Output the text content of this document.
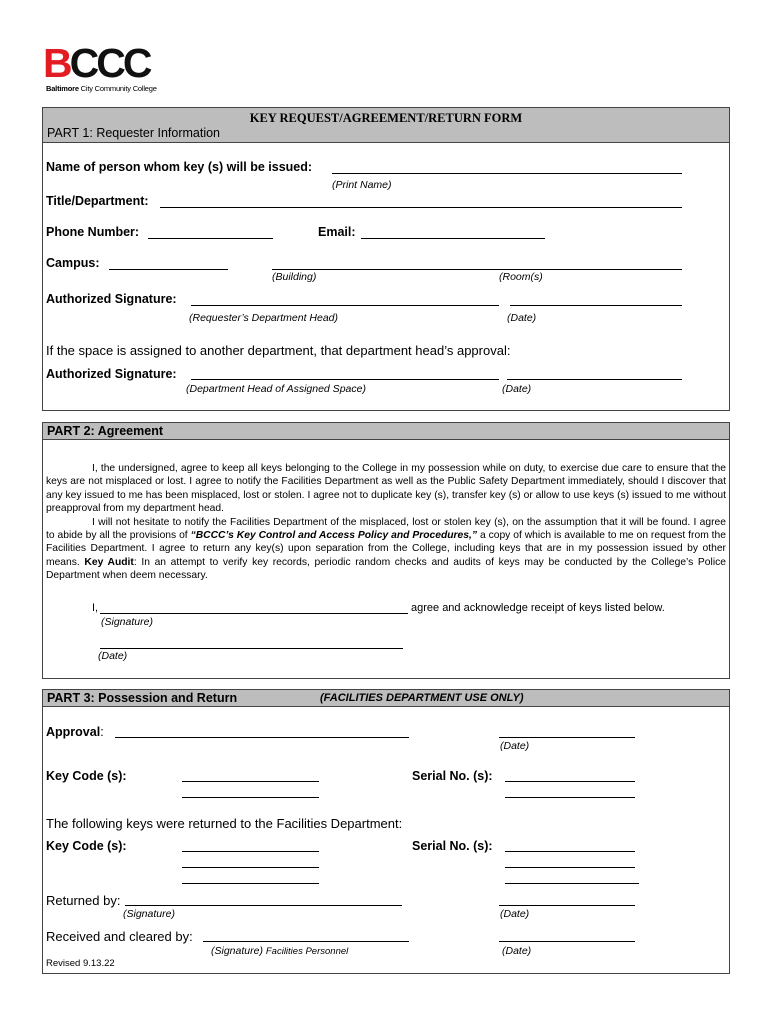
BCCC
Baltimore City Community College
KEY REQUEST/AGREEMENT/RETURN FORM
PART 1: Requester Information
Name of person whom key (s) will be issued:
(Print Name)
Title/Department:
Phone Number:	Email:
Campus:
(Building)	(Room(s)
Authorized Signature:
(Requester’s Department Head)	(Date)
If the space is assigned to another department, that department head’s approval:
Authorized Signature:
(Department Head of Assigned Space)	(Date)
PART 2: Agreement

I, the undersigned, agree to keep all keys belonging to the College in my possession while on duty, to exercise due care to ensure that the keys are not misplaced or lost. I agree to notify the Facilities Department as well as the Public Safety Department immediately, should I discover that any key issued to me has been misplaced, lost or stolen. I agree not to duplicate key (s), transfer key (s) or allow to use keys (s) issued to me without preapproval from my department head.

I will not hesitate to notify the Facilities Department of the misplaced, lost or stolen key (s), on the assumption that it will be found. I agree to abide by all the provisions of “BCCC’s Key Control and Access Policy and Procedures,” a copy of which is available to me on request from the Facilities Department. I agree to return any key(s) upon separation from the College, including keys that are in my possession issued by other means. Key Audit: In an attempt to verify key records, periodic random checks and audits of keys may be conducted by the College’s Police Department when deem necessary.

I,	agree and acknowledge receipt of keys listed below.
(Signature)
(Date)
PART 3: Possession and Return	(FACILITIES DEPARTMENT USE ONLY)
Approval:
(Date)
Key Code (s):	Serial No. (s):
The following keys were returned to the Facilities Department:
Key Code (s):	Serial No. (s):
Returned by:
(Signature)	(Date)
Received and cleared by:
(Signature) Facilities Personnel	(Date)
Revised 9.13.22
